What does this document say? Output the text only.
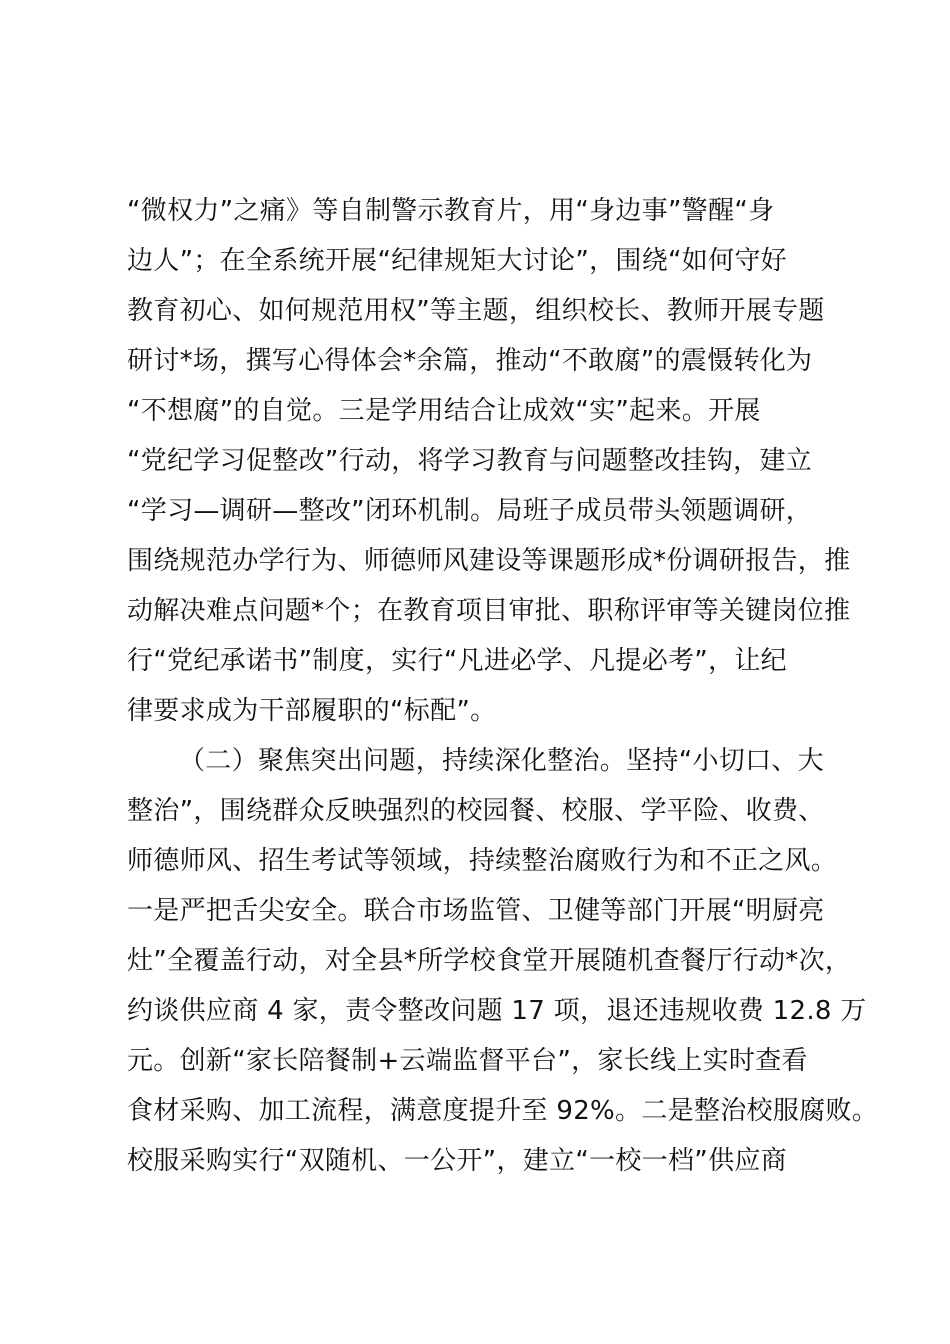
“微权力”之痛》等自制警示教育片，用“身边事”警醒“身
边人”；在全系统开展“纪律规矩大讨论”，围绕“如何守好
教育初心、如何规范用权”等主题，组织校长、教师开展专题
研讨*场，撰写心得体会*余篇，推动“不敢腐”的震慑转化为
“不想腐”的自觉。三是学用结合让成效“实”起来。开展
“党纪学习促整改”行动，将学习教育与问题整改挂钩，建立
“学习—调研—整改”闭环机制。局班子成员带头领题调研，
围绕规范办学行为、师德师风建设等课题形成*份调研报告，推
动解决难点问题*个；在教育项目审批、职称评审等关键岗位推
行“党纪承诺书”制度，实行“凡进必学、凡提必考”，让纪
律要求成为干部履职的“标配”。
（二）聚焦突出问题，持续深化整治。坚持“小切口、大
整治”，围绕群众反映强烈的校园餐、校服、学平险、收费、
师德师风、招生考试等领域，持续整治腐败行为和不正之风。
一是严把舌尖安全。联合市场监管、卫健等部门开展“明厨亮
灶”全覆盖行动，对全县*所学校食堂开展随机查餐厅行动*次，
约谈供应商 4 家，责令整改问题 17 项，退还违规收费 12.8 万
元。创新“家长陪餐制+云端监督平台”，家长线上实时查看
食材采购、加工流程，满意度提升至 92%。二是整治校服腐败。
校服采购实行“双随机、一公开”，建立“一校一档”供应商
